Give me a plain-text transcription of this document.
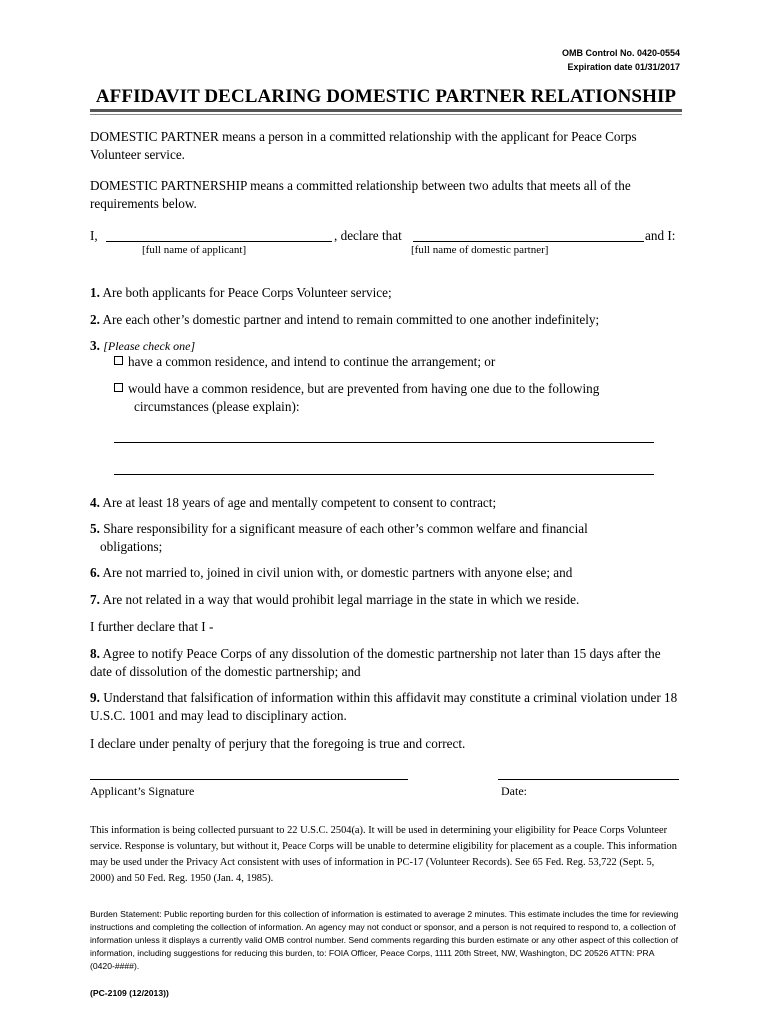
OMB Control No. 0420-0554
Expiration date 01/31/2017
AFFIDAVIT DECLARING DOMESTIC PARTNER RELATIONSHIP
DOMESTIC PARTNER means a person in a committed relationship with the applicant for Peace Corps Volunteer service.
DOMESTIC PARTNERSHIP means a committed relationship between two adults that meets all of the requirements below.
I,	, declare that	and I:
[full name of applicant]	[full name of domestic partner]
1. Are both applicants for Peace Corps Volunteer service;
2. Are each other’s domestic partner and intend to remain committed to one another indefinitely;
3. [Please check one]
have a common residence, and intend to continue the arrangement; or
would have a common residence, but are prevented from having one due to the following circumstances (please explain):
4. Are at least 18 years of age and mentally competent to consent to contract;
5. Share responsibility for a significant measure of each other’s common welfare and financial obligations;
6. Are not married to, joined in civil union with, or domestic partners with anyone else; and
7. Are not related in a way that would prohibit legal marriage in the state in which we reside.
I further declare that I -
8. Agree to notify Peace Corps of any dissolution of the domestic partnership not later than 15 days after the date of dissolution of the domestic partnership; and
9. Understand that falsification of information within this affidavit may constitute a criminal violation under 18 U.S.C. 1001 and may lead to disciplinary action.
I declare under penalty of perjury that the foregoing is true and correct.
Applicant’s Signature	Date:
This information is being collected pursuant to 22 U.S.C. 2504(a). It will be used in determining your eligibility for Peace Corps Volunteer service. Response is voluntary, but without it, Peace Corps will be unable to determine eligibility for placement as a couple. This information may be used under the Privacy Act consistent with uses of information in PC-17 (Volunteer Records). See 65 Fed. Reg. 53,722 (Sept. 5, 2000) and 50 Fed. Reg. 1950 (Jan. 4, 1985).
Burden Statement: Public reporting burden for this collection of information is estimated to average 2 minutes. This estimate includes the time for reviewing instructions and completing the collection of information. An agency may not conduct or sponsor, and a person is not required to respond to, a collection of information unless it displays a currently valid OMB control number. Send comments regarding this burden estimate or any other aspect of this collection of information, including suggestions for reducing this burden, to: FOIA Officer, Peace Corps, 1111 20th Street, NW, Washington, DC 20526 ATTN: PRA (0420-####).
(PC-2109 (12/2013))
